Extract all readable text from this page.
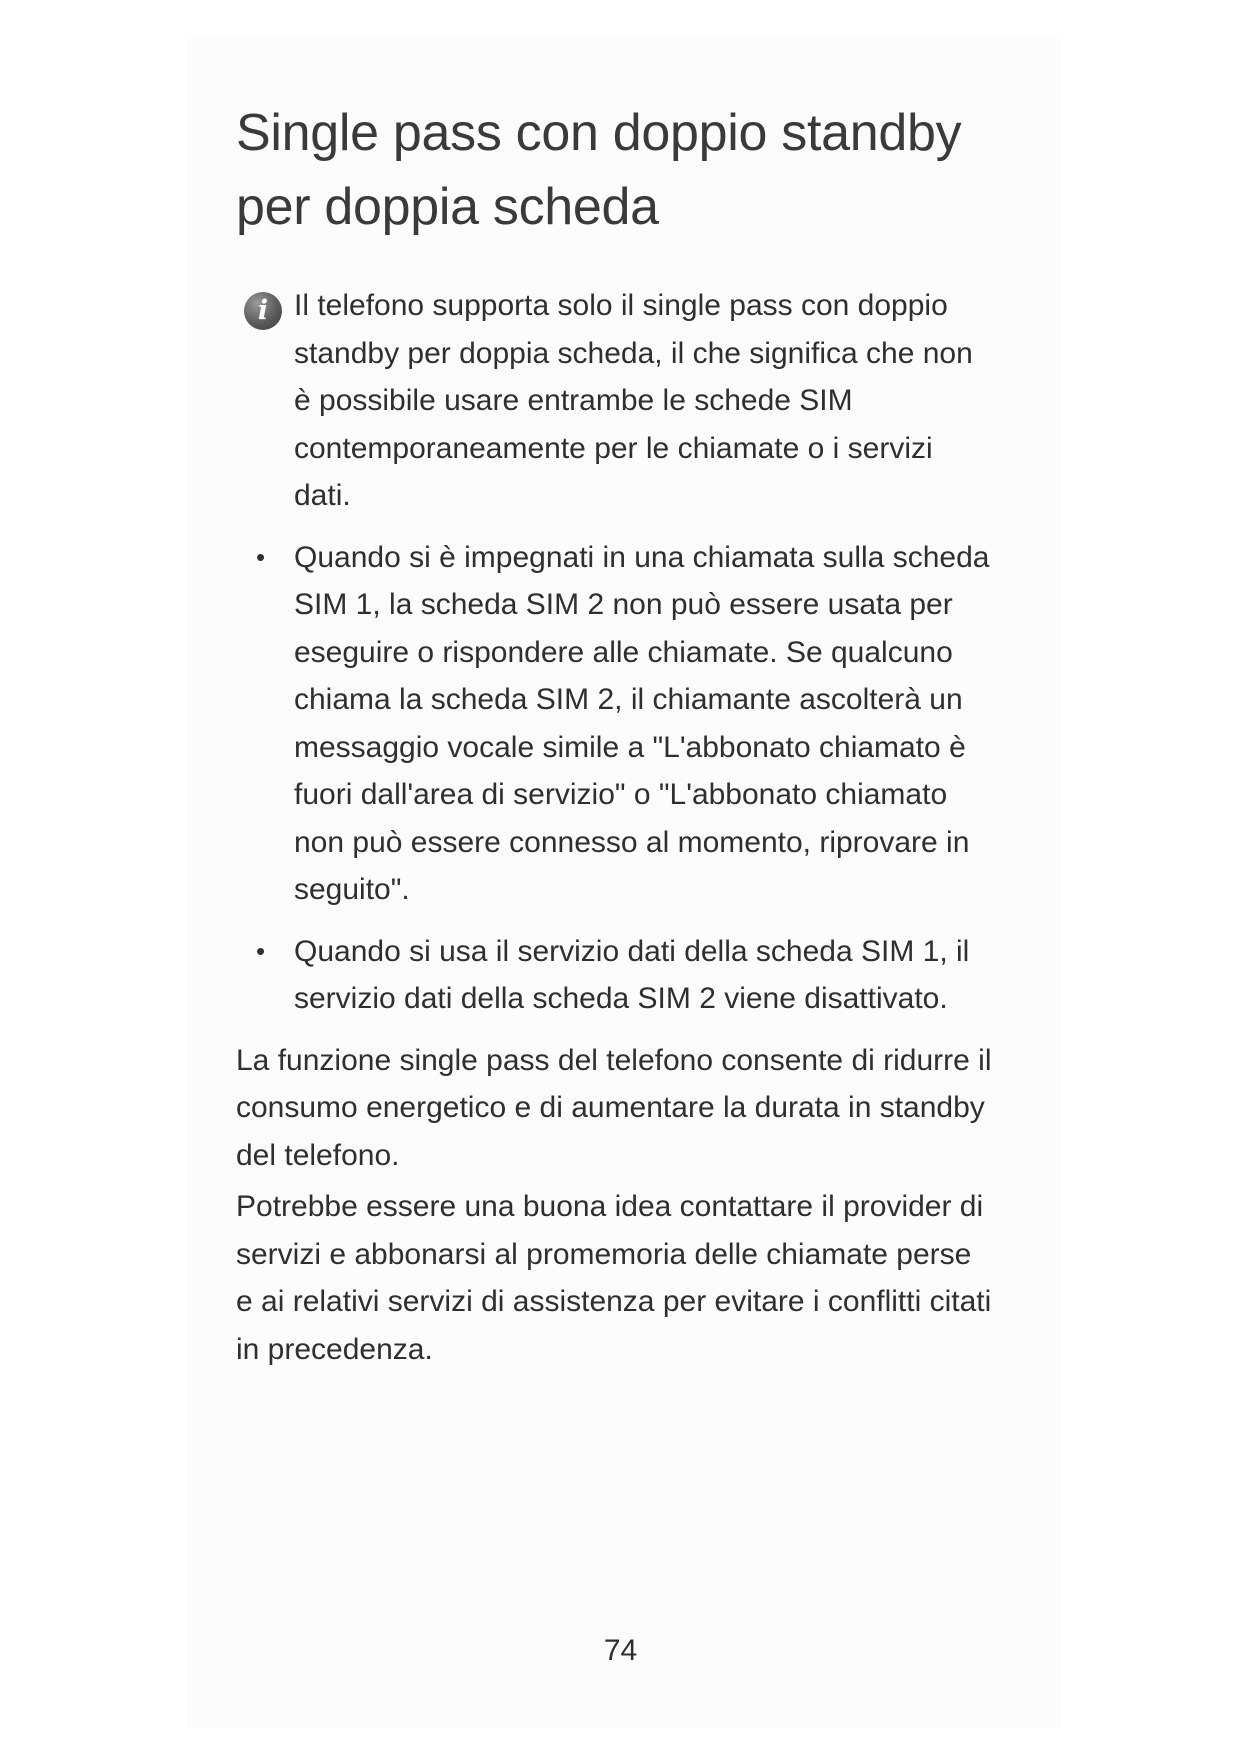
Single pass con doppio standby
per doppia scheda
i Il telefono supporta solo il single pass con doppio standby per doppia scheda, il che significa che non è possibile usare entrambe le schede SIM contemporaneamente per le chiamate o i servizi dati.

• Quando si è impegnati in una chiamata sulla scheda SIM 1, la scheda SIM 2 non può essere usata per eseguire o rispondere alle chiamate. Se qualcuno chiama la scheda SIM 2, il chiamante ascolterà un messaggio vocale simile a "L'abbonato chiamato è fuori dall'area di servizio" o "L'abbonato chiamato non può essere connesso al momento, riprovare in seguito".
• Quando si usa il servizio dati della scheda SIM 1, il servizio dati della scheda SIM 2 viene disattivato.

La funzione single pass del telefono consente di ridurre il consumo energetico e di aumentare la durata in standby del telefono.

Potrebbe essere una buona idea contattare il provider di servizi e abbonarsi al promemoria delle chiamate perse e ai relativi servizi di assistenza per evitare i conflitti citati in precedenza.

74
